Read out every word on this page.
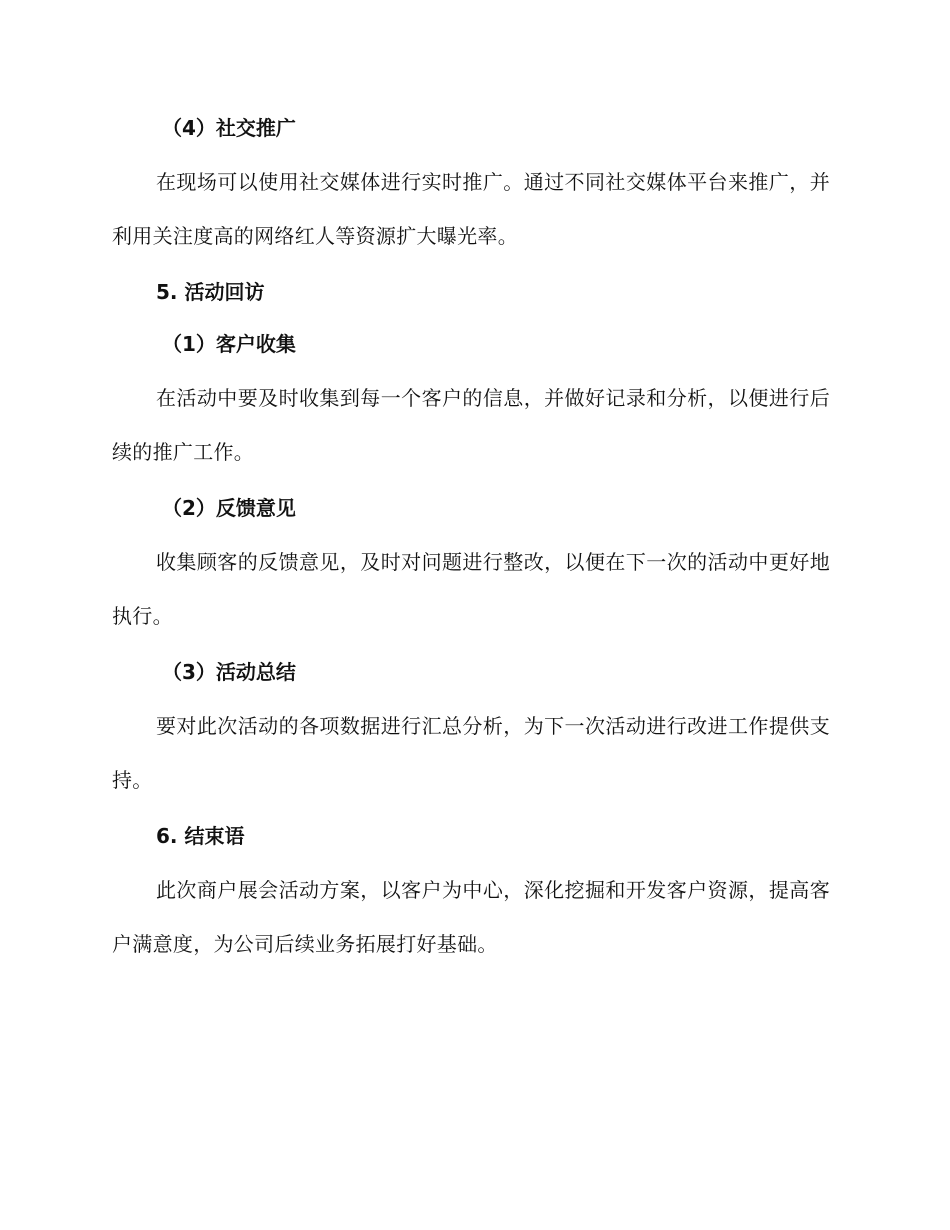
（4）社交推广

在现场可以使用社交媒体进行实时推广。通过不同社交媒体平台来推广，并利用关注度高的网络红人等资源扩大曝光率。

5. 活动回访
（1）客户收集

在活动中要及时收集到每一个客户的信息，并做好记录和分析，以便进行后续的推广工作。

（2）反馈意见

收集顾客的反馈意见，及时对问题进行整改，以便在下一次的活动中更好地执行。

（3）活动总结

要对此次活动的各项数据进行汇总分析，为下一次活动进行改进工作提供支持。

6. 结束语

此次商户展会活动方案，以客户为中心，深化挖掘和开发客户资源，提高客户满意度，为公司后续业务拓展打好基础。
